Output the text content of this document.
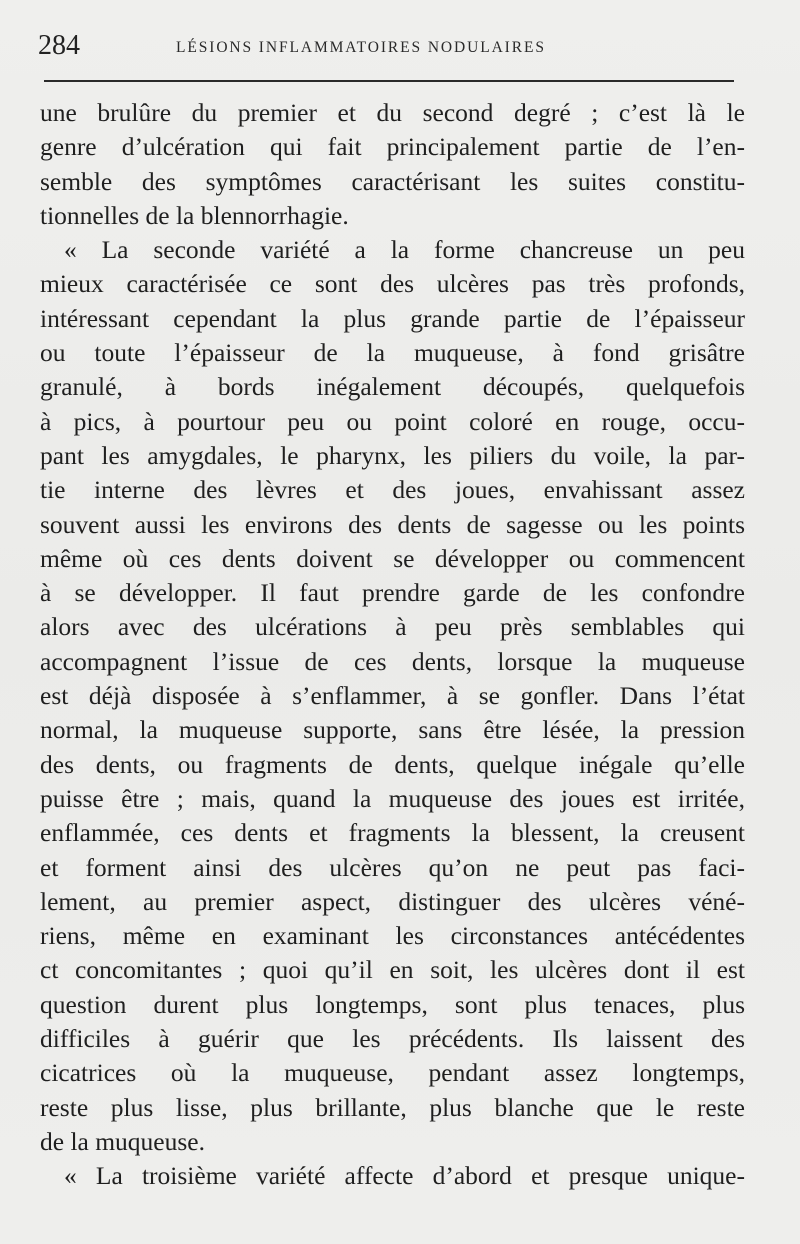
284	LÉSIONS INFLAMMATOIRES NODULAIRES
une brulûre du premier et du second degré ; c’est là le
genre d’ulcération qui fait principalement partie de l’en-
semble des symptômes caractérisant les suites constitu-
tionnelles de la blennorrhagie.
« La seconde variété a la forme chancreuse un peu
mieux caractérisée ce sont des ulcères pas très profonds,
intéressant cependant la plus grande partie de l’épaisseur
ou toute l’épaisseur de la muqueuse, à fond grisâtre
granulé, à bords inégalement découpés, quelquefois
à pics, à pourtour peu ou point coloré en rouge, occu-
pant les amygdales, le pharynx, les piliers du voile, la par-
tie interne des lèvres et des joues, envahissant assez
souvent aussi les environs des dents de sagesse ou les points
même où ces dents doivent se développer ou commencent
à se développer. Il faut prendre garde de les confondre
alors avec des ulcérations à peu près semblables qui
accompagnent l’issue de ces dents, lorsque la muqueuse
est déjà disposée à s’enflammer, à se gonfler. Dans l’état
normal, la muqueuse supporte, sans être lésée, la pression
des dents, ou fragments de dents, quelque inégale qu’elle
puisse être ; mais, quand la muqueuse des joues est irritée,
enflammée, ces dents et fragments la blessent, la creusent
et forment ainsi des ulcères qu’on ne peut pas faci-
lement, au premier aspect, distinguer des ulcères véné-
riens, même en examinant les circonstances antécédentes
ct concomitantes ; quoi qu’il en soit, les ulcères dont il est
question durent plus longtemps, sont plus tenaces, plus
difficiles à guérir que les précédents. Ils laissent des
cicatrices où la muqueuse, pendant assez longtemps,
reste plus lisse, plus brillante, plus blanche que le reste
de la muqueuse.
« La troisième variété affecte d’abord et presque unique-
